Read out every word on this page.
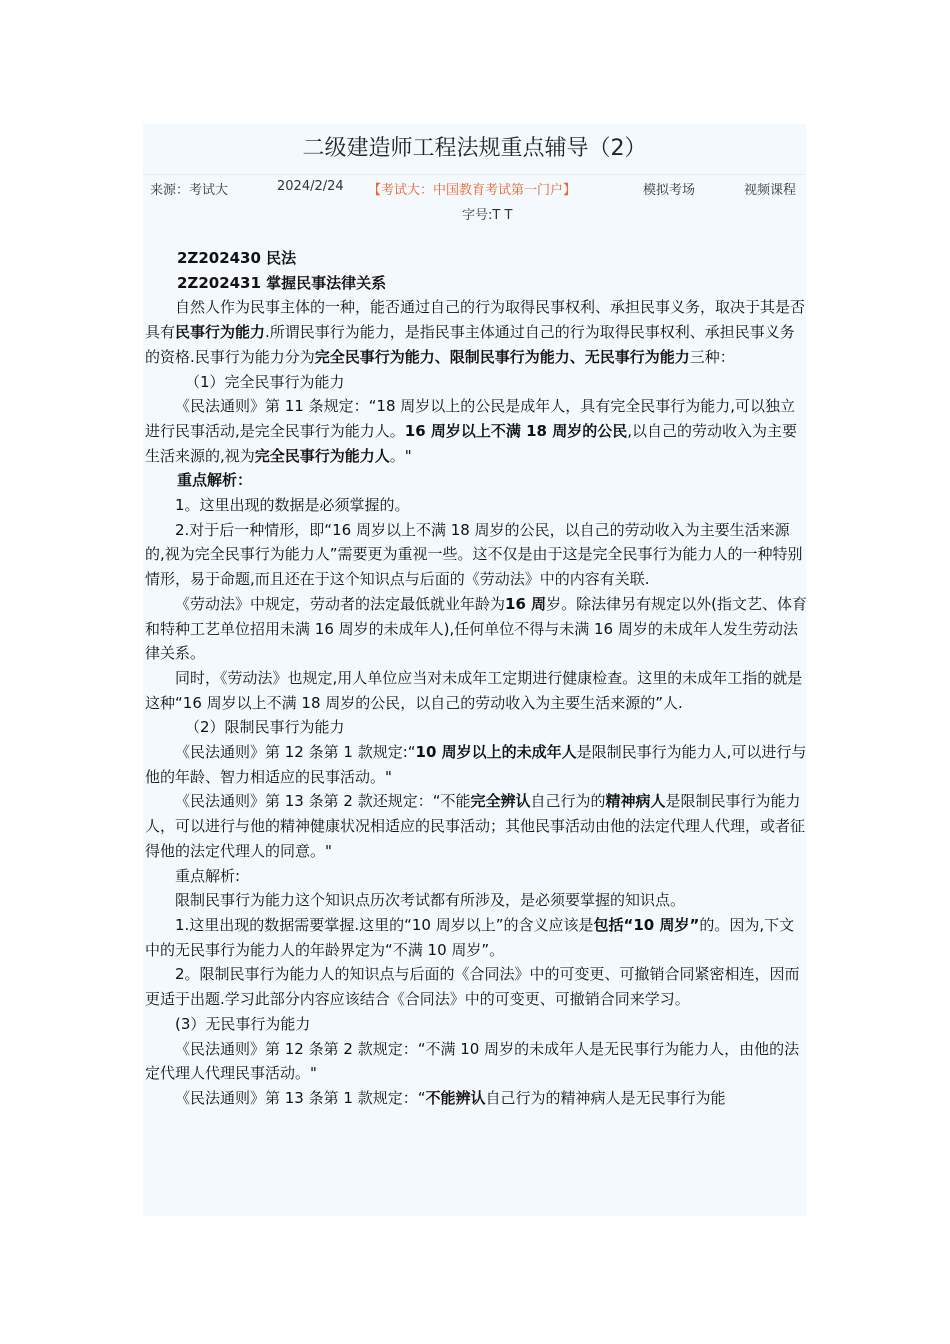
二级建造师工程法规重点辅导（2）
来源：考试大	2024/2/24 【考试大：中国教育考试第一门户】	模拟考场	视频课程
字号:T T

2Z202430 民法

2Z202431 掌握民事法律关系

自然人作为民事主体的一种，能否通过自己的行为取得民事权利、承担民事义务，取决于其是否具有民事行为能力.所谓民事行为能力，是指民事主体通过自己的行为取得民事权利、承担民事义务的资格.民事行为能力分为完全民事行为能力、限制民事行为能力、无民事行为能力三种：

（1）完全民事行为能力

《民法通则》第 11 条规定：“18 周岁以上的公民是成年人，具有完全民事行为能力,可以独立进行民事活动,是完全民事行为能力人。16 周岁以上不满 18 周岁的公民,以自己的劳动收入为主要生活来源的,视为完全民事行为能力人。"

重点解析：

1。这里出现的数据是必须掌握的。

2.对于后一种情形，即“16 周岁以上不满 18 周岁的公民，以自己的劳动收入为主要生活来源的,视为完全民事行为能力人”需要更为重视一些。这不仅是由于这是完全民事行为能力人的一种特别情形，易于命题,而且还在于这个知识点与后面的《劳动法》中的内容有关联.

《劳动法》中规定，劳动者的法定最低就业年龄为16 周岁。除法律另有规定以外(指文艺、体育和特种工艺单位招用未满 16 周岁的未成年人),任何单位不得与未满 16 周岁的未成年人发生劳动法律关系。

同时，《劳动法》也规定,用人单位应当对未成年工定期进行健康检查。这里的未成年工指的就是这种“16 周岁以上不满 18 周岁的公民，以自己的劳动收入为主要生活来源的”人.

（2）限制民事行为能力

《民法通则》第 12 条第 1 款规定:“10 周岁以上的未成年人是限制民事行为能力人,可以进行与他的年龄、智力相适应的民事活动。"

《民法通则》第 13 条第 2 款还规定：“不能完全辨认自己行为的精神病人是限制民事行为能力人，可以进行与他的精神健康状况相适应的民事活动；其他民事活动由他的法定代理人代理，或者征得他的法定代理人的同意。"

重点解析:

限制民事行为能力这个知识点历次考试都有所涉及，是必须要掌握的知识点。

1.这里出现的数据需要掌握.这里的“10 周岁以上”的含义应该是包括“10 周岁”的。因为,下文中的无民事行为能力人的年龄界定为“不满 10 周岁”。

2。限制民事行为能力人的知识点与后面的《合同法》中的可变更、可撤销合同紧密相连，因而更适于出题.学习此部分内容应该结合《合同法》中的可变更、可撤销合同来学习。

(3）无民事行为能力

《民法通则》第 12 条第 2 款规定：“不满 10 周岁的未成年人是无民事行为能力人，由他的法定代理人代理民事活动。"

《民法通则》第 13 条第 1 款规定：“不能辨认自己行为的精神病人是无民事行为能
